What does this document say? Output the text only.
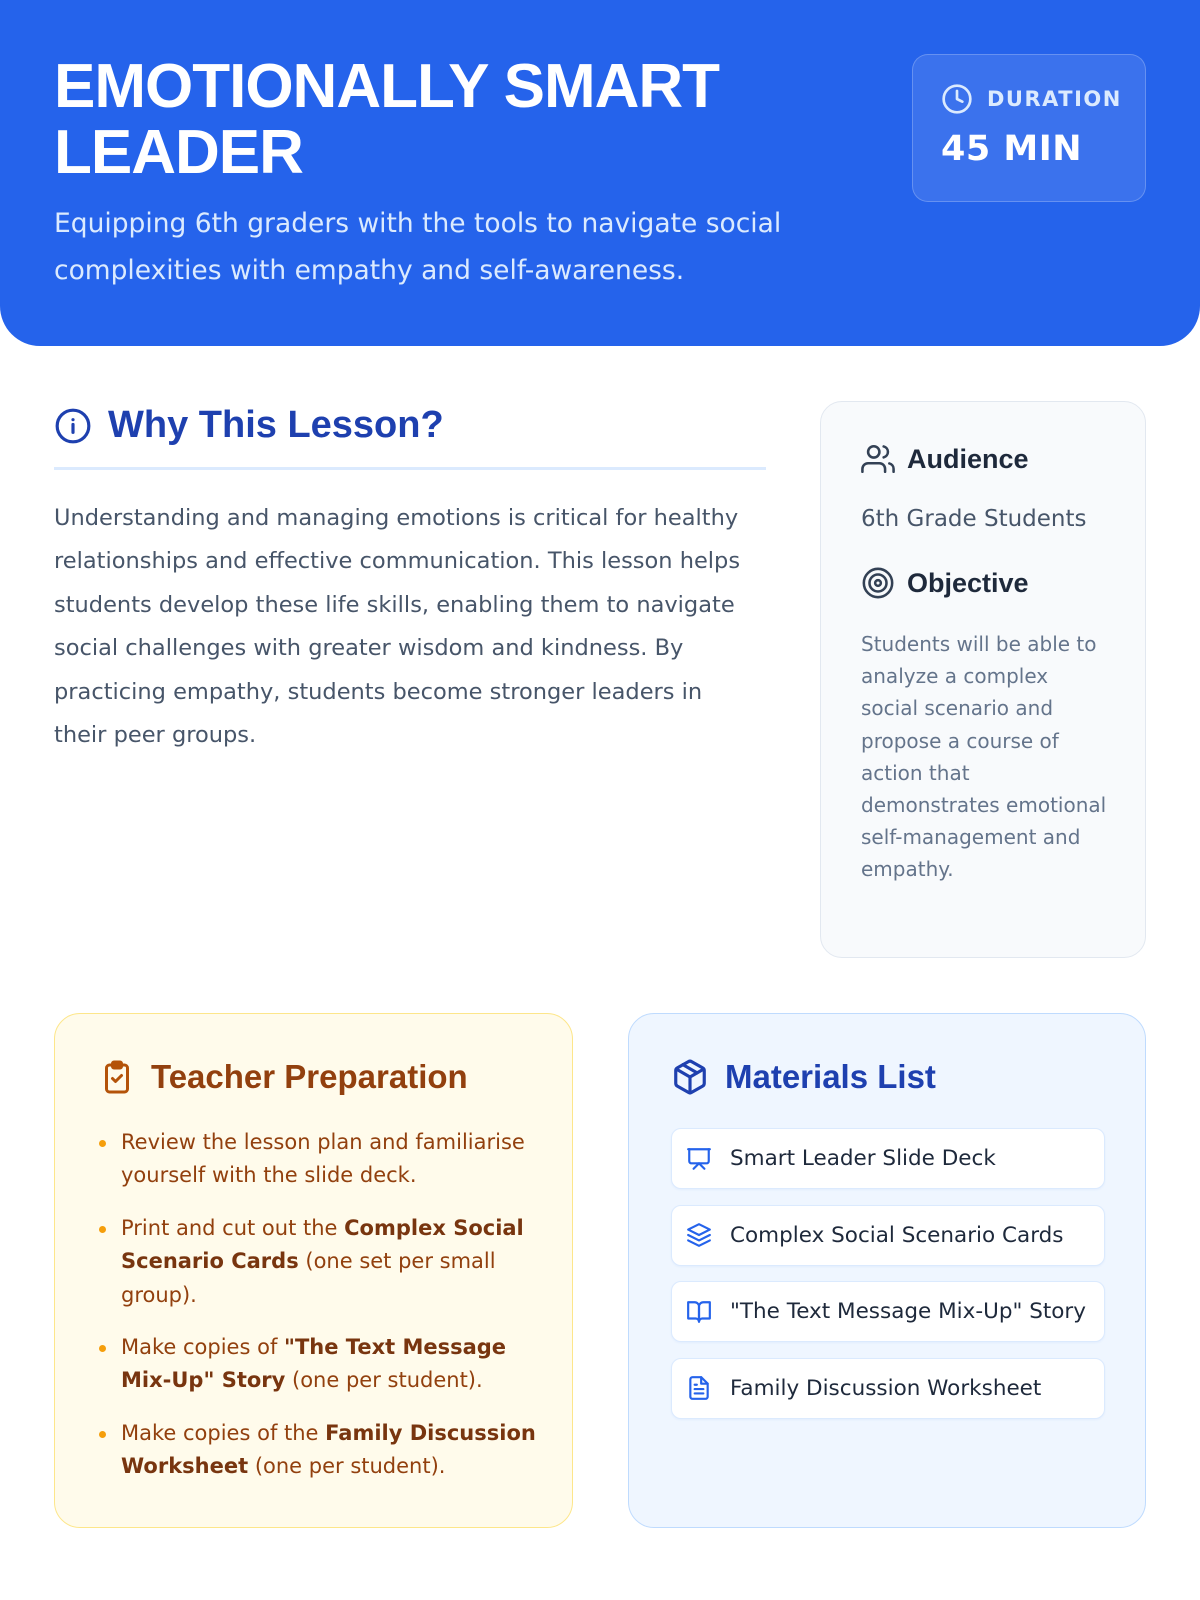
EMOTIONALLY SMART LEADER

Equipping 6th graders with the tools to navigate social complexities with empathy and self-awareness.

DURATION
45 MIN
Why This Lesson?

Understanding and managing emotions is critical for healthy relationships and effective communication. This lesson helps students develop these life skills, enabling them to navigate social challenges with greater wisdom and kindness. By practicing empathy, students become stronger leaders in their peer groups.

Audience
6th Grade Students
Objective

Students will be able to analyze a complex social scenario and propose a course of action that demonstrates emotional self-management and empathy.

Teacher Preparation
Review the lesson plan and familiarise yourself with the slide deck.
Print and cut out the Complex Social Scenario Cards (one set per small group).
Make copies of "The Text Message Mix-Up" Story (one per student).
Make copies of the Family Discussion Worksheet (one per student).
Materials List
Smart Leader Slide Deck
Complex Social Scenario Cards
"The Text Message Mix-Up" Story
Family Discussion Worksheet
